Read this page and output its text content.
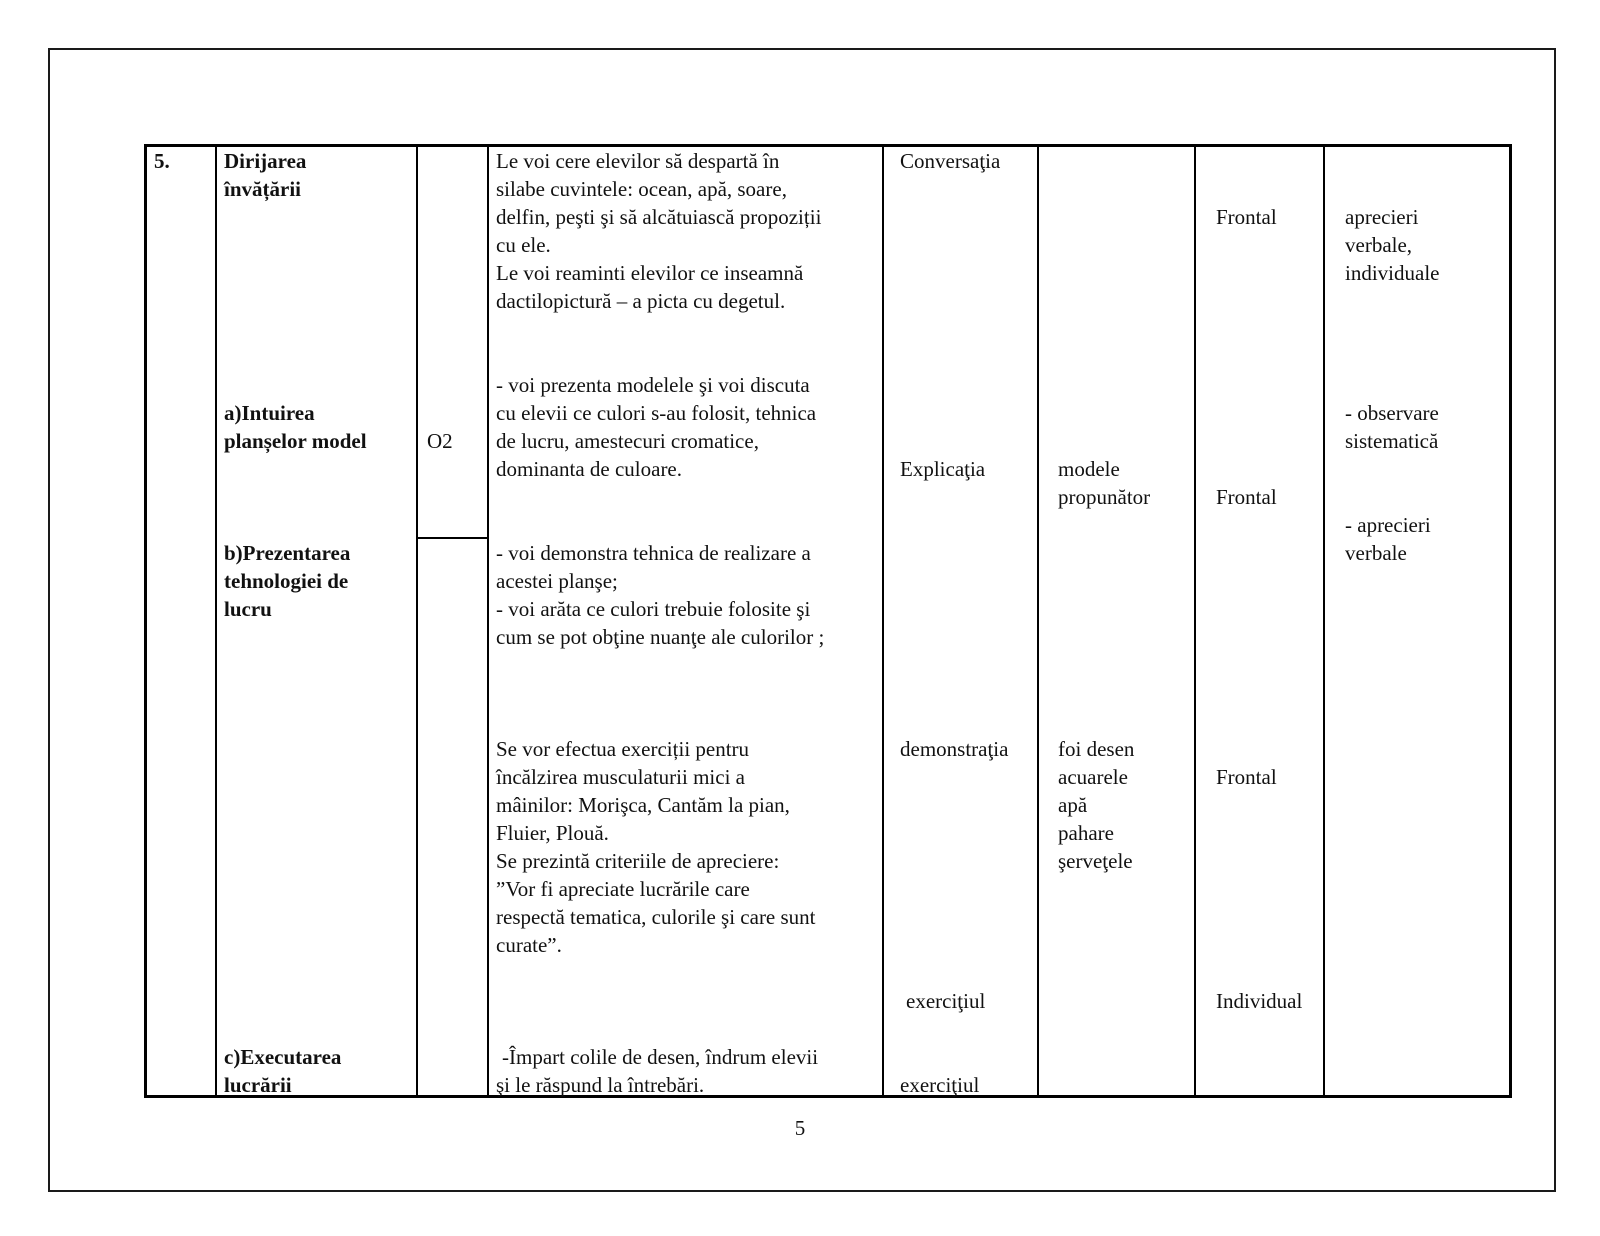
5.	Dirijarea
învățării
a)Intuirea
planșelor model
b)Prezentarea
tehnologiei de
lucru
c)Executarea
lucrării
O2
Le voi cere elevilor să despartă în
silabe cuvintele: ocean, apă, soare,
delfin, peşti şi să alcătuiască propoziții
cu ele.
Le voi reaminti elevilor ce inseamnă
dactilopictură – a picta cu degetul.
- voi prezenta modelele şi voi discuta
cu elevii ce culori s-au folosit, tehnica
de lucru, amestecuri cromatice,
dominanta de culoare.
- voi demonstra tehnica de realizare a
acestei planşe;
- voi arăta ce culori trebuie folosite şi
cum se pot obţine nuanţe ale culorilor ;
Se vor efectua exerciții pentru
încălzirea musculaturii mici a
mâinilor: Morişca, Cantăm la pian,
Fluier, Plouă.
Se prezintă criteriile de apreciere:
”Vor fi apreciate lucrările care
respectă tematica, culorile şi care sunt
curate”.
-Împart colile de desen, îndrum elevii
şi le răspund la întrebări.
Conversaţia
Explicaţia
demonstraţia
exerciţiul
exerciţiul
modele
propunător
foi desen
acuarele
apă
pahare
şerveţele
Frontal
Frontal
Frontal
Individual
aprecieri
verbale,
individuale
- observare
sistematică
- aprecieri
verbale
5
